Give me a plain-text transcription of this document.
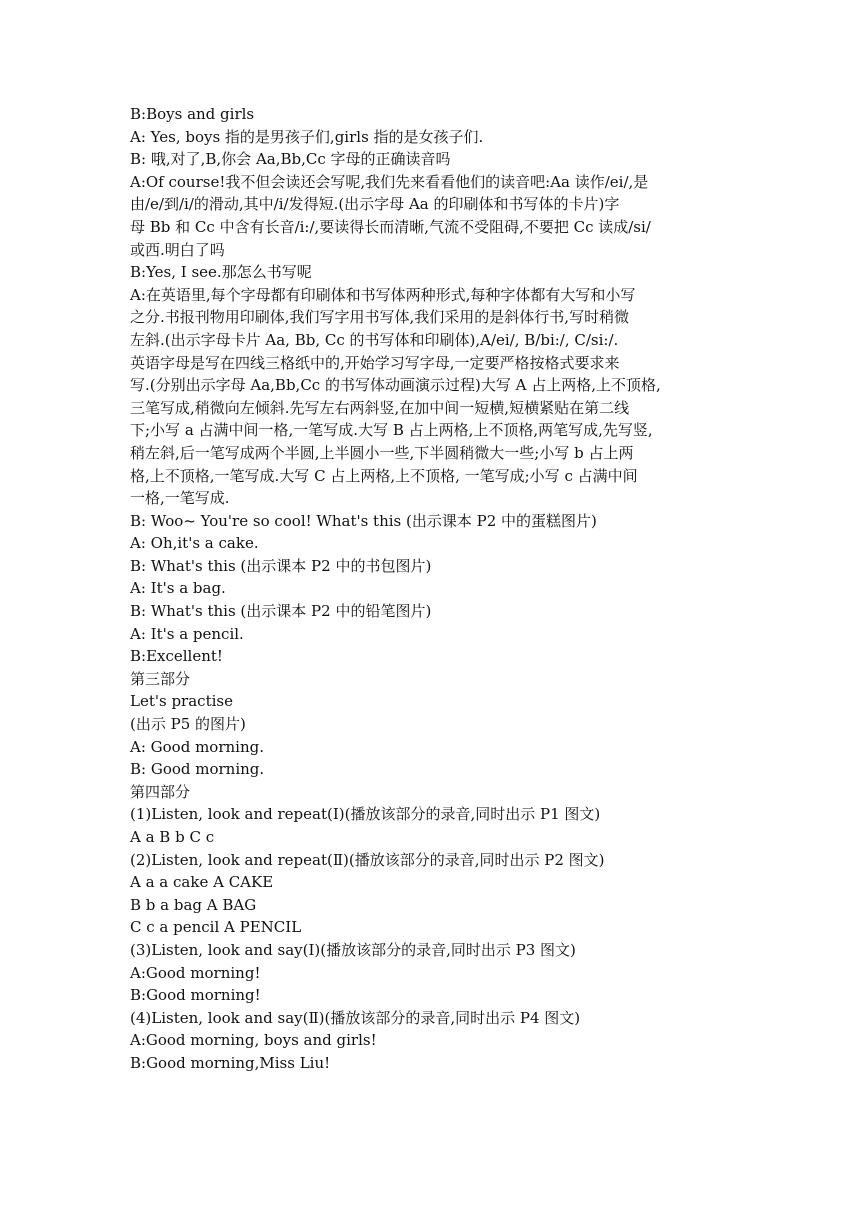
B:Boys and girls
A: Yes, boys 指的是男孩子们,girls 指的是女孩子们.
B: 哦,对了,B,你会 Aa,Bb,Cc 字母的正确读音吗
A:Of course!我不但会读还会写呢,我们先来看看他们的读音吧:Aa 读作/ei/,是
由/e/到/i/的滑动,其中/i/发得短.(出示字母 Aa 的印刷体和书写体的卡片)字
母 Bb 和 Cc 中含有长音/i:/,要读得长而清晰,气流不受阻碍,不要把 Cc 读成/si/
或西.明白了吗
B:Yes, I see.那怎么书写呢
A:在英语里,每个字母都有印刷体和书写体两种形式,每种字体都有大写和小写
之分.书报刊物用印刷体,我们写字用书写体,我们采用的是斜体行书,写时稍微
左斜.(出示字母卡片 Aa, Bb, Cc 的书写体和印刷体),A/ei/, B/bi:/, C/si:/.
英语字母是写在四线三格纸中的,开始学习写字母,一定要严格按格式要求来
写.(分别出示字母 Aa,Bb,Cc 的书写体动画演示过程)大写 A 占上两格,上不顶格,
三笔写成,稍微向左倾斜.先写左右两斜竖,在加中间一短横,短横紧贴在第二线
下;小写 a 占满中间一格,一笔写成.大写 B 占上两格,上不顶格,两笔写成,先写竖,
稍左斜,后一笔写成两个半圆,上半圆小一些,下半圆稍微大一些;小写 b 占上两
格,上不顶格,一笔写成.大写 C 占上两格,上不顶格, 一笔写成;小写 c 占满中间
一格,一笔写成.
B: Woo~ You're so cool! What's this (出示课本 P2 中的蛋糕图片)
A: Oh,it's a cake.
B: What's this (出示课本 P2 中的书包图片)
A: It's a bag.
B: What's this (出示课本 P2 中的铅笔图片)
A: It's a pencil.
B:Excellent!
第三部分
Let's practise
(出示 P5 的图片)
A: Good morning.
B: Good morning.
第四部分
(1)Listen, look and repeat(Ⅰ)(播放该部分的录音,同时出示 P1 图文)
A a B b C c
(2)Listen, look and repeat(Ⅱ)(播放该部分的录音,同时出示 P2 图文)
A a a cake A CAKE
B b a bag A BAG
C c a pencil A PENCIL
(3)Listen, look and say(Ⅰ)(播放该部分的录音,同时出示 P3 图文)
A:Good morning!
B:Good morning!
(4)Listen, look and say(Ⅱ)(播放该部分的录音,同时出示 P4 图文)
A:Good morning, boys and girls!
B:Good morning,Miss Liu!
